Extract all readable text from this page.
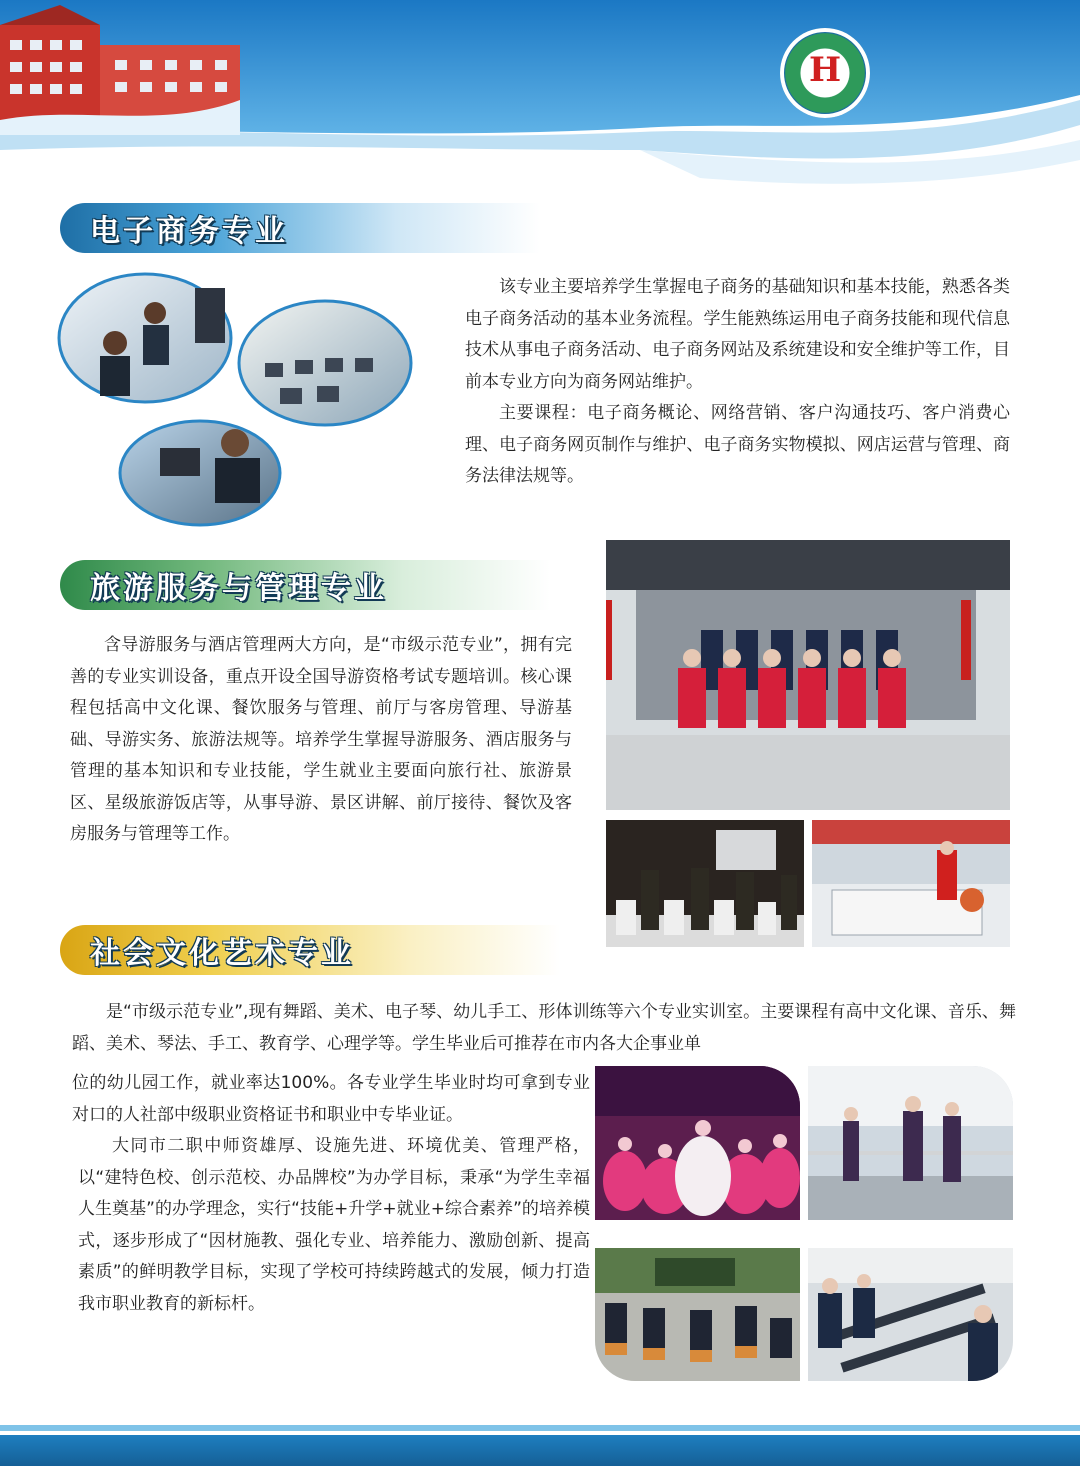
H
电子商务专业

该专业主要培养学生掌握电子商务的基础知识和基本技能，熟悉各类电子商务活动的基本业务流程。学生能熟练运用电子商务技能和现代信息技术从事电子商务活动、电子商务网站及系统建设和安全维护等工作，目前本专业方向为商务网站维护。

主要课程：电子商务概论、网络营销、客户沟通技巧、客户消费心理、电子商务网页制作与维护、电子商务实物模拟、网店运营与管理、商务法律法规等。

旅游服务与管理专业

含导游服务与酒店管理两大方向，是“市级示范专业”，拥有完善的专业实训设备，重点开设全国导游资格考试专题培训。核心课程包括高中文化课、餐饮服务与管理、前厅与客房管理、导游基础、导游实务、旅游法规等。培养学生掌握导游服务、酒店服务与管理的基本知识和专业技能，学生就业主要面向旅行社、旅游景区、星级旅游饭店等，从事导游、景区讲解、前厅接待、餐饮及客房服务与管理等工作。

社会文化艺术专业

是“市级示范专业”,现有舞蹈、美术、电子琴、幼儿手工、形体训练等六个专业实训室。主要课程有高中文化课、音乐、舞蹈、美术、琴法、手工、教育学、心理学等。学生毕业后可推荐在市内各大企事业单

位的幼儿园工作，就业率达100%。各专业学生毕业时均可拿到专业对口的人社部中级职业资格证书和职业中专毕业证。

大同市二职中师资雄厚、设施先进、环境优美、管理严格，以“建特色校、创示范校、办品牌校”为办学目标，秉承“为学生幸福人生奠基”的办学理念，实行“技能+升学+就业+综合素养”的培养模式，逐步形成了“因材施教、强化专业、培养能力、激励创新、提高素质”的鲜明教学目标，实现了学校可持续跨越式的发展，倾力打造我市职业教育的新标杆。
